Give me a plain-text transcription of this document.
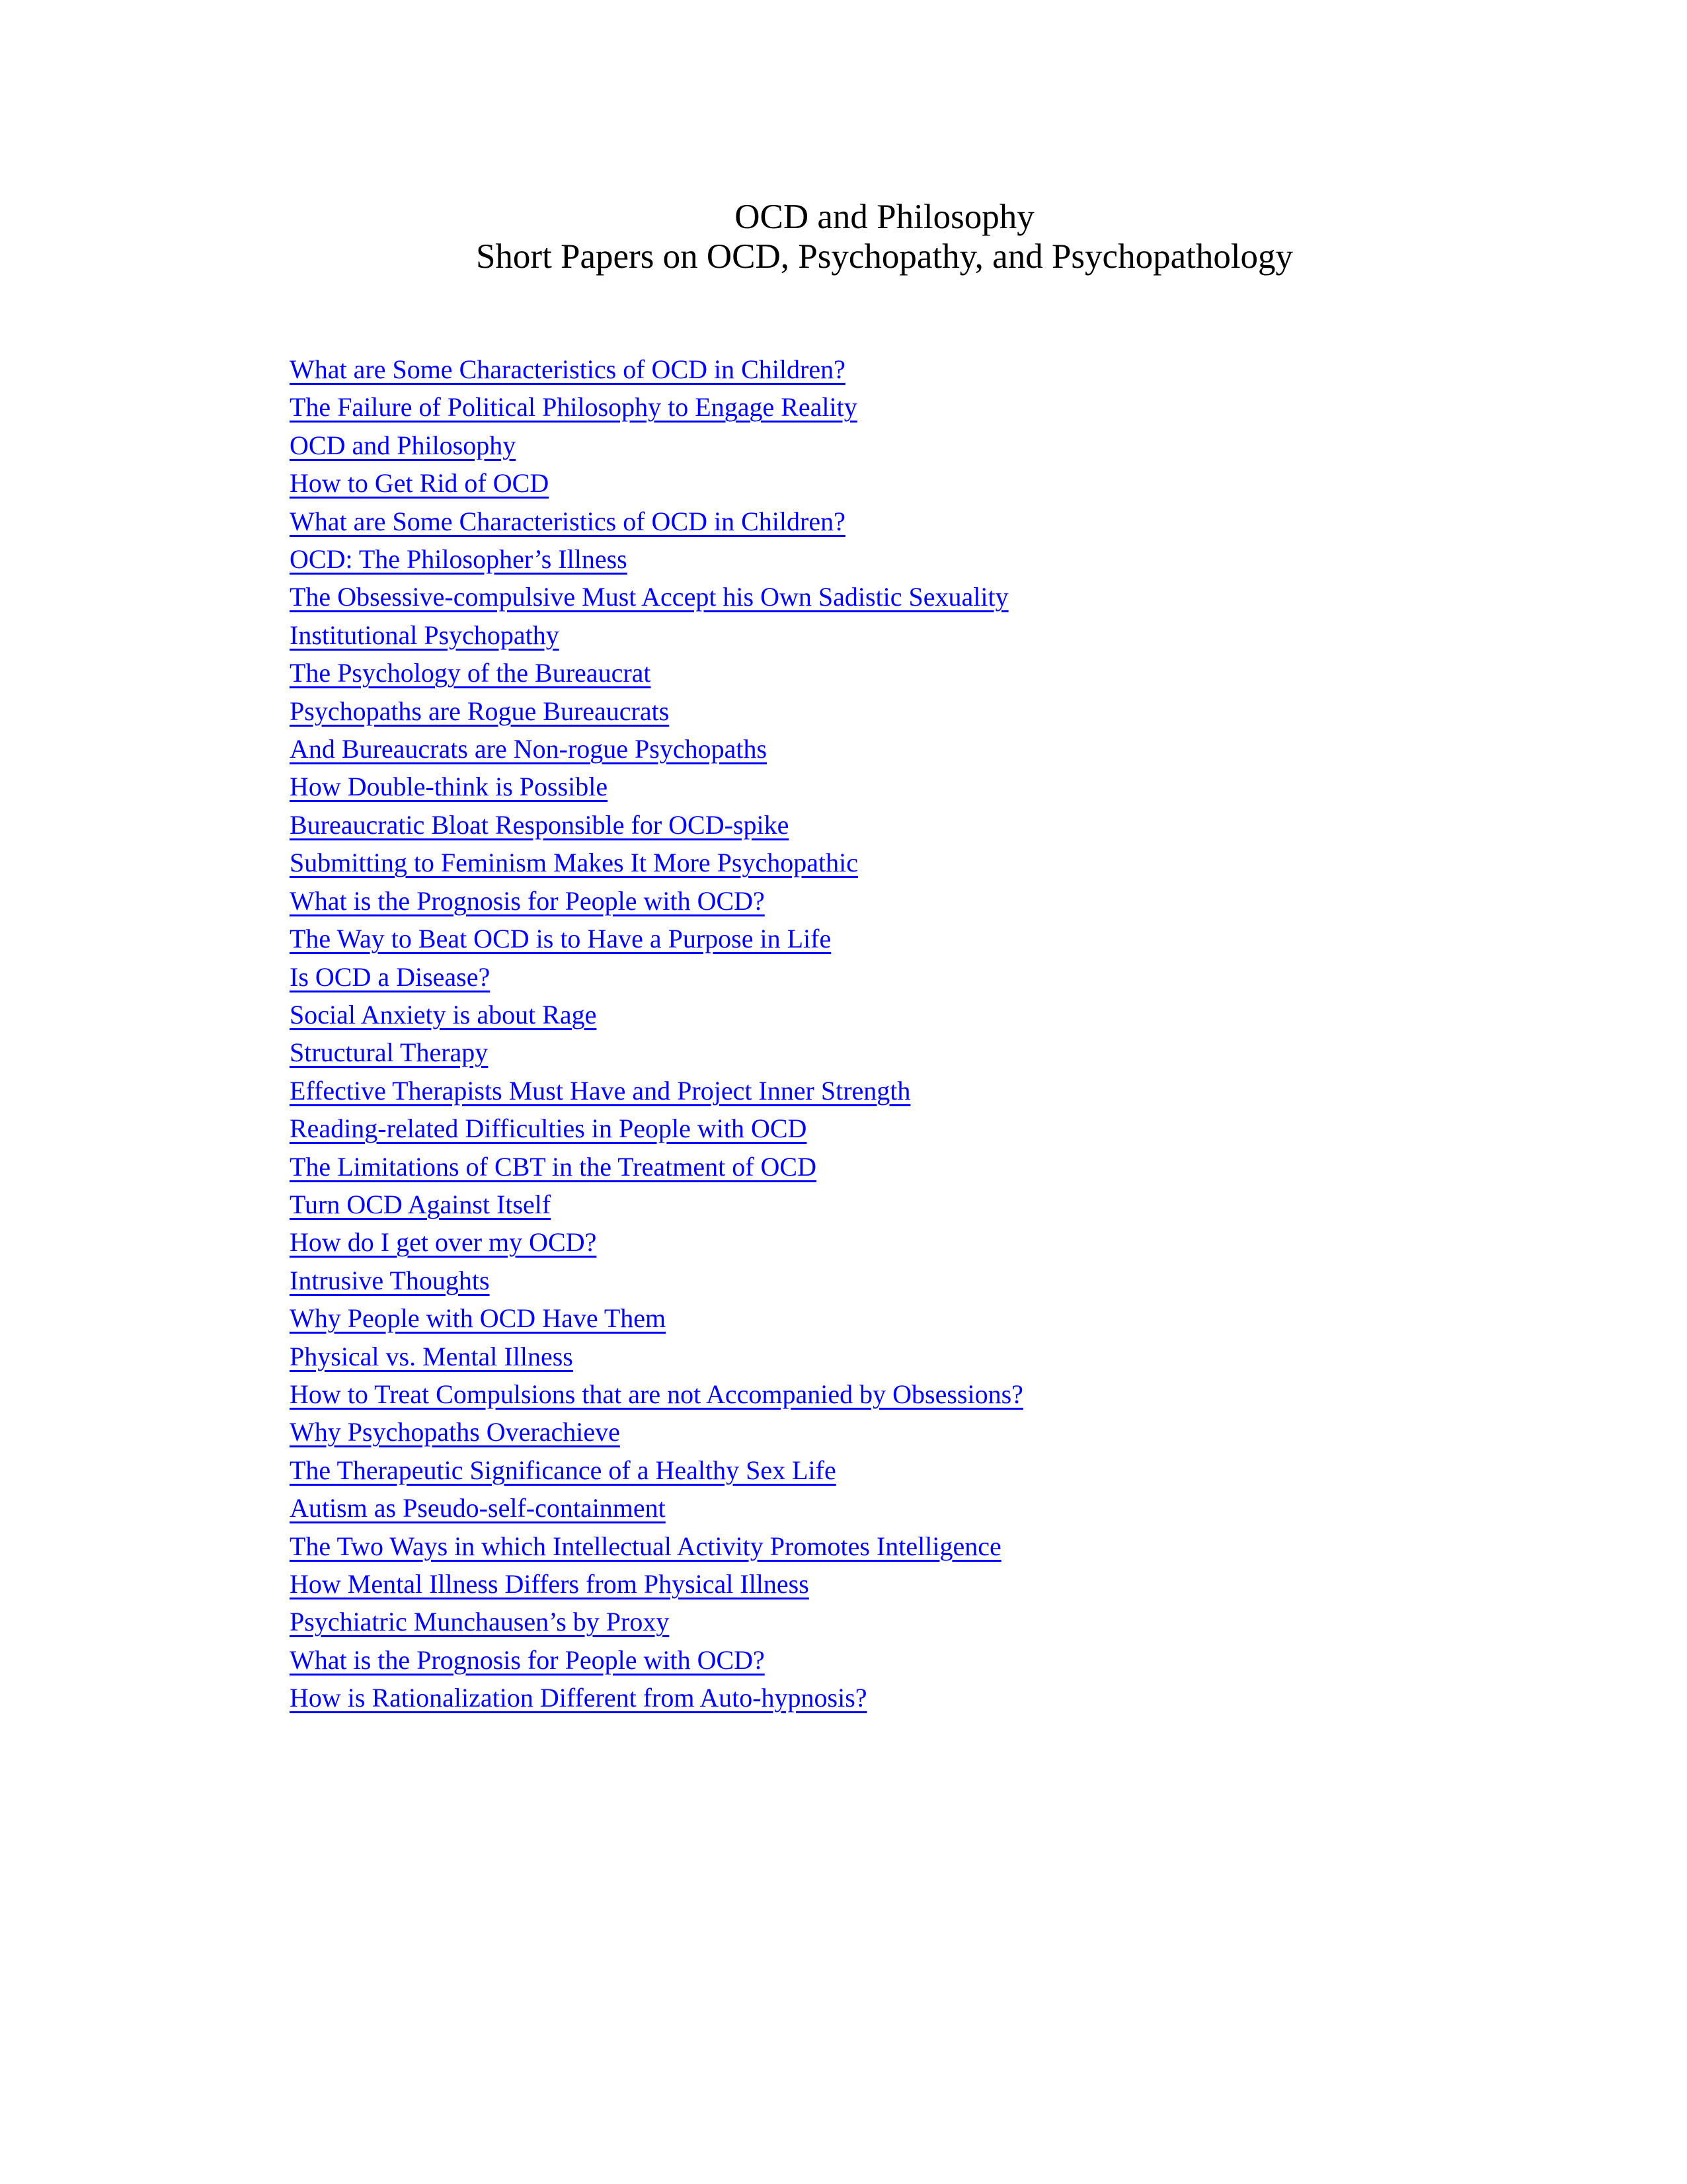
OCD and Philosophy
Short Papers on OCD, Psychopathy, and Psychopathology
What are Some Characteristics of OCD in Children?
The Failure of Political Philosophy to Engage Reality
OCD and Philosophy
How to Get Rid of OCD
What are Some Characteristics of OCD in Children?
OCD: The Philosopher’s Illness
The Obsessive-compulsive Must Accept his Own Sadistic Sexuality
Institutional Psychopathy
The Psychology of the Bureaucrat
Psychopaths are Rogue Bureaucrats
And Bureaucrats are Non-rogue Psychopaths
How Double-think is Possible
Bureaucratic Bloat Responsible for OCD-spike
Submitting to Feminism Makes It More Psychopathic
What is the Prognosis for People with OCD?
The Way to Beat OCD is to Have a Purpose in Life
Is OCD a Disease?
Social Anxiety is about Rage
Structural Therapy
Effective Therapists Must Have and Project Inner Strength
Reading-related Difficulties in People with OCD
The Limitations of CBT in the Treatment of OCD
Turn OCD Against Itself
How do I get over my OCD?
Intrusive Thoughts
Why People with OCD Have Them
Physical vs. Mental Illness
How to Treat Compulsions that are not Accompanied by Obsessions?
Why Psychopaths Overachieve
The Therapeutic Significance of a Healthy Sex Life
Autism as Pseudo-self-containment
The Two Ways in which Intellectual Activity Promotes Intelligence
How Mental Illness Differs from Physical Illness
Psychiatric Munchausen’s by Proxy
What is the Prognosis for People with OCD?
How is Rationalization Different from Auto-hypnosis?
